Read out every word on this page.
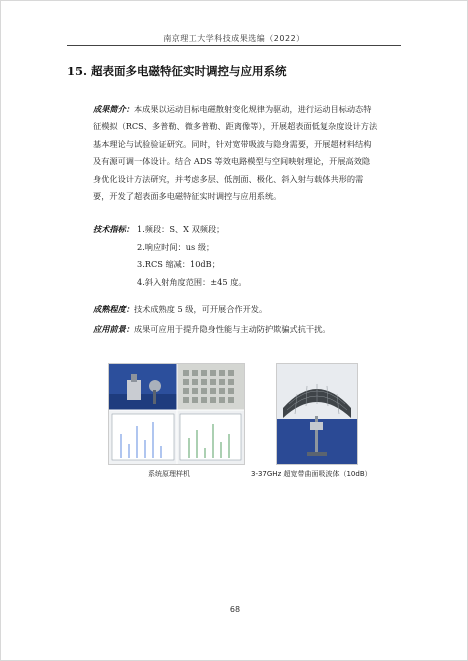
南京理工大学科技成果选编（2022）
15. 超表面多电磁特征实时调控与应用系统
成果简介：本成果以运动目标电磁散射变化规律为驱动，进行运动目标动态特征模拟（RCS、多普勒、微多普勒、距离像等），开展超表面低复杂度设计方法基本理论与试验验证研究。同时，针对宽带吸波与隐身需要，开展超材料结构及有源可调一体设计。结合 ADS 等效电路模型与空间映射理论，开展高效隐身优化设计方法研究，并考虑多层、低剖面、极化、斜入射与载体共形的需要，开发了超表面多电磁特征实时调控与应用系统。
技术指标： 1.频段：S、X 双频段；
2.响应时间：us 级；
3.RCS 缩减：10dB；
4.斜入射角度范围：±45 度。
成熟程度：技术成熟度 5 级，可开展合作开发。
应用前景：成果可应用于提升隐身性能与主动防护欺骗式抗干扰。
系统原理样机	3-37GHz 超宽带曲面吸波体（10dB）
68
